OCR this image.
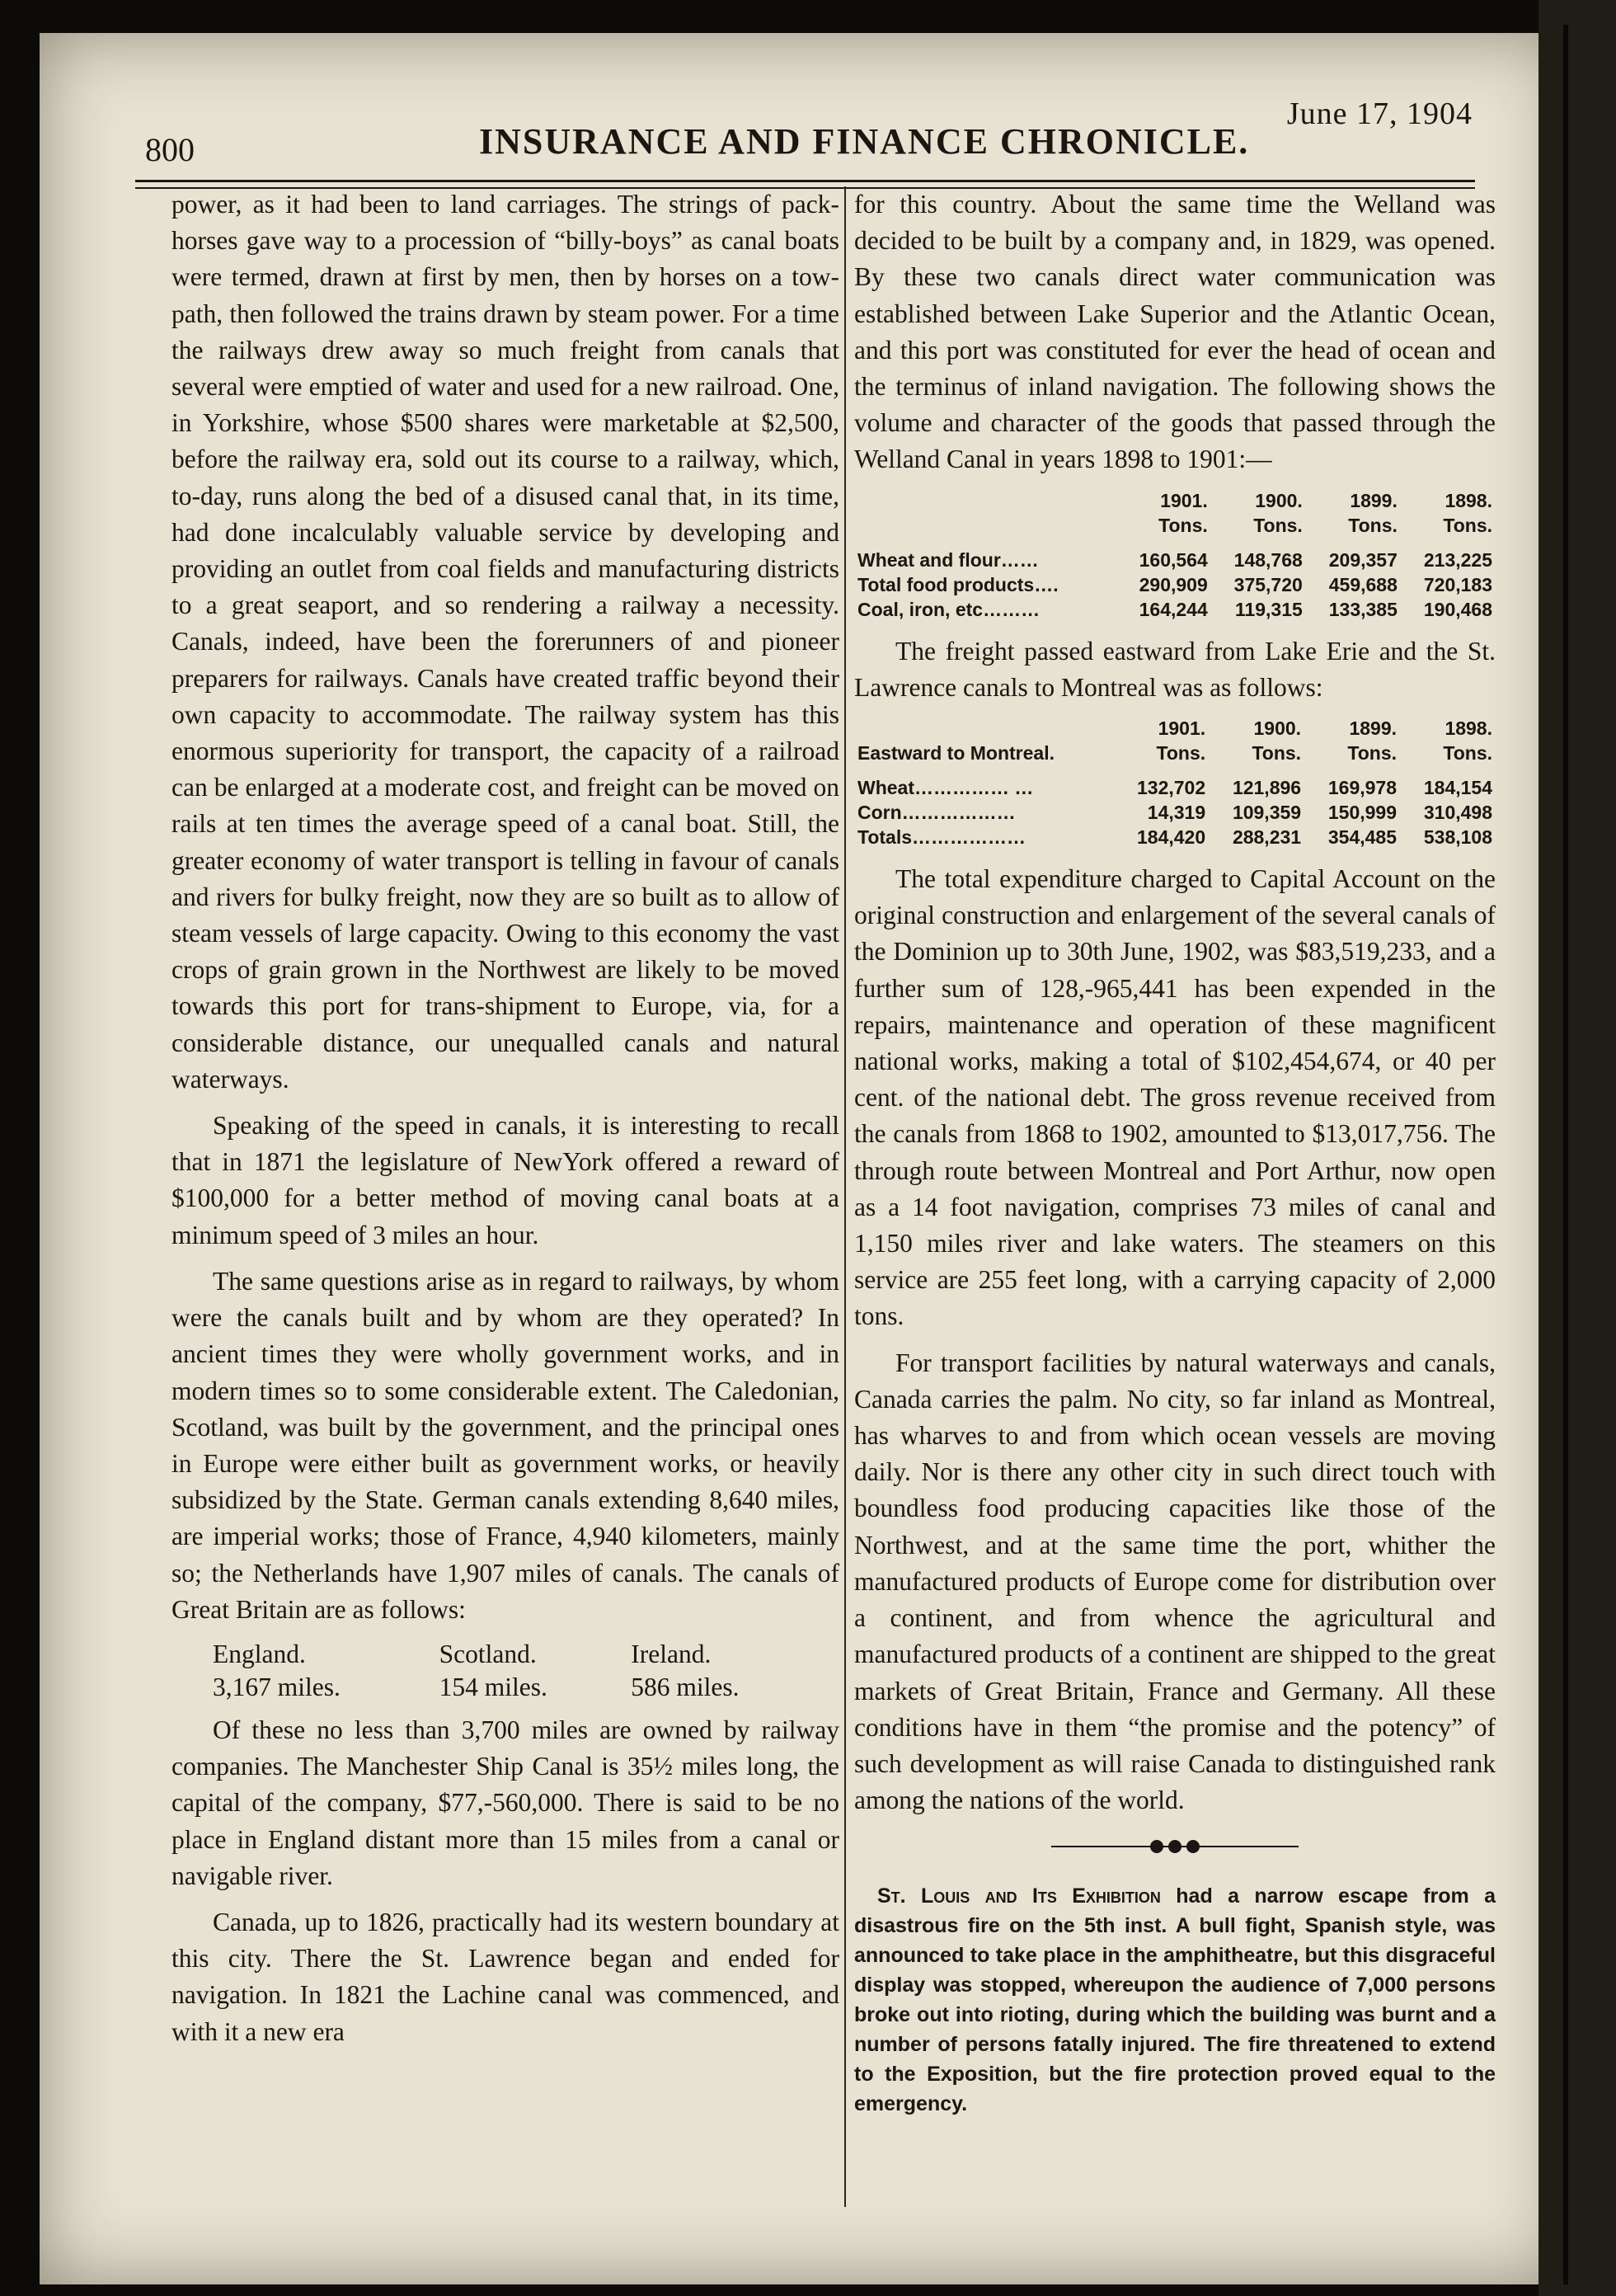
800	INSURANCE AND FINANCE CHRONICLE.
June 17, 1904

power, as it had been to land carriages. The strings of pack-horses gave way to a procession of “billy-boys” as canal boats were termed, drawn at first by men, then by horses on a tow-path, then followed the trains drawn by steam power. For a time the railways drew away so much freight from canals that several were emptied of water and used for a new railroad. One, in Yorkshire, whose $500 shares were marketable at $2,500, before the railway era, sold out its course to a railway, which, to-day, runs along the bed of a disused canal that, in its time, had done incalculably valuable service by developing and providing an outlet from coal fields and manufacturing districts to a great seaport, and so rendering a railway a necessity. Canals, indeed, have been the forerunners of and pioneer preparers for railways. Canals have created traffic beyond their own capacity to accommodate. The railway system has this enormous superiority for transport, the capacity of a railroad can be enlarged at a moderate cost, and freight can be moved on rails at ten times the average speed of a canal boat. Still, the greater economy of water transport is telling in favour of canals and rivers for bulky freight, now they are so built as to allow of steam vessels of large capacity. Owing to this economy the vast crops of grain grown in the Northwest are likely to be moved towards this port for trans-shipment to Europe, via, for a considerable distance, our unequalled canals and natural waterways.

Speaking of the speed in canals, it is interesting to recall that in 1871 the legislature of NewYork offered a reward of $100,000 for a better method of moving canal boats at a minimum speed of 3 miles an hour.

The same questions arise as in regard to railways, by whom were the canals built and by whom are they operated? In ancient times they were wholly government works, and in modern times so to some considerable extent. The Caledonian, Scotland, was built by the government, and the principal ones in Europe were either built as government works, or heavily subsidized by the State. German canals extending 8,640 miles, are imperial works; those of France, 4,940 kilometers, mainly so; the Netherlands have 1,907 miles of canals. The canals of Great Britain are as follows:

England.	Scotland.	Ireland.
3,167 miles.	154 miles.	586 miles.

Of these no less than 3,700 miles are owned by railway companies. The Manchester Ship Canal is 35½ miles long, the capital of the company, $77,-560,000. There is said to be no place in England distant more than 15 miles from a canal or navigable river.

Canada, up to 1826, practically had its western boundary at this city. There the St. Lawrence began and ended for navigation. In 1821 the Lachine canal was commenced, and with it a new era

for this country. About the same time the Welland was decided to be built by a company and, in 1829, was opened. By these two canals direct water communication was established between Lake Superior and the Atlantic Ocean, and this port was constituted for ever the head of ocean and the terminus of inland navigation. The following shows the volume and character of the goods that passed through the Welland Canal in years 1898 to 1901:—

	1901.	1900.	1899.	1898.
	Tons.	Tons.	Tons.	Tons.
Wheat and flour……	160,564	148,768	209,357	213,225
Total food products….	290,909	375,720	459,688	720,183
Coal, iron, etc………	164,244	119,315	133,385	190,468

The freight passed eastward from Lake Erie and the St. Lawrence canals to Montreal was as follows:

	1901.	1900.	1899.	1898.
Eastward to Montreal.	Tons.	Tons.	Tons.	Tons.
Wheat…………… …	132,702	121,896	169,978	184,154
Corn………………	14,319	109,359	150,999	310,498
Totals………………	184,420	288,231	354,485	538,108

The total expenditure charged to Capital Account on the original construction and enlargement of the several canals of the Dominion up to 30th June, 1902, was $83,519,233, and a further sum of 128,-965,441 has been expended in the repairs, maintenance and operation of these magnificent national works, making a total of $102,454,674, or 40 per cent. of the national debt. The gross revenue received from the canals from 1868 to 1902, amounted to $13,017,756. The through route between Montreal and Port Arthur, now open as a 14 foot navigation, comprises 73 miles of canal and 1,150 miles river and lake waters. The steamers on this service are 255 feet long, with a carrying capacity of 2,000 tons.

For transport facilities by natural waterways and canals, Canada carries the palm. No city, so far inland as Montreal, has wharves to and from which ocean vessels are moving daily. Nor is there any other city in such direct touch with boundless food producing capacities like those of the Northwest, and at the same time the port, whither the manufactured products of Europe come for distribution over a continent, and from whence the agricultural and manufactured products of a continent are shipped to the great markets of Great Britain, France and Germany. All these conditions have in them “the promise and the potency” of such development as will raise Canada to distinguished rank among the nations of the world.

St. Louis and Its Exhibition had a narrow escape from a disastrous fire on the 5th inst. A bull fight, Spanish style, was announced to take place in the amphitheatre, but this disgraceful display was stopped, whereupon the audience of 7,000 persons broke out into rioting, during which the building was burnt and a number of persons fatally injured. The fire threatened to extend to the Exposition, but the fire protection proved equal to the emergency.
